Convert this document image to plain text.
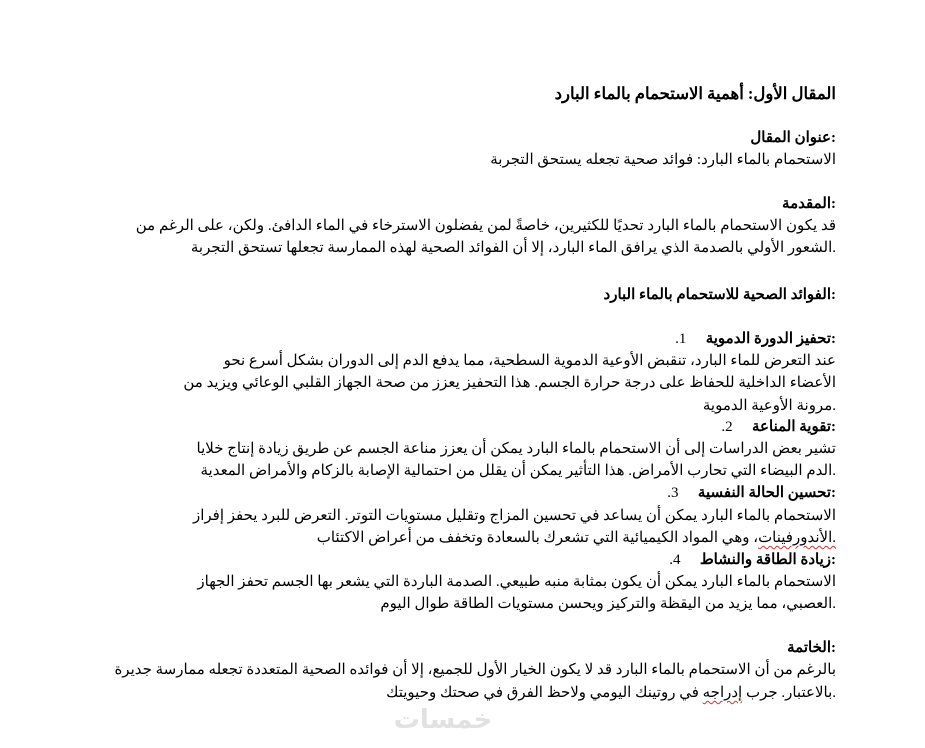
المقال الأول: أهمية الاستحمام بالماء البارد
:عنوان المقال
الاستحمام بالماء البارد: فوائد صحية تجعله يستحق التجربة
:المقدمة
قد يكون الاستحمام بالماء البارد تحديًا للكثيرين، خاصةً لمن يفضلون الاسترخاء في الماء الدافئ. ولكن، على الرغم من
.الشعور الأولي بالصدمة الذي يرافق الماء البارد، إلا أن الفوائد الصحية لهذه الممارسة تجعلها تستحق التجربة
:الفوائد الصحية للاستحمام بالماء البارد
:تحفيز الدورة الدموية1.
عند التعرض للماء البارد، تنقبض الأوعية الدموية السطحية، مما يدفع الدم إلى الدوران بشكل أسرع نحو
الأعضاء الداخلية للحفاظ على درجة حرارة الجسم. هذا التحفيز يعزز من صحة الجهاز القلبي الوعائي ويزيد من
.مرونة الأوعية الدموية
:تقوية المناعة2.
تشير بعض الدراسات إلى أن الاستحمام بالماء البارد يمكن أن يعزز مناعة الجسم عن طريق زيادة إنتاج خلايا
.الدم البيضاء التي تحارب الأمراض. هذا التأثير يمكن أن يقلل من احتمالية الإصابة بالزكام والأمراض المعدية
:تحسين الحالة النفسية3.
الاستحمام بالماء البارد يمكن أن يساعد في تحسين المزاج وتقليل مستويات التوتر. التعرض للبرد يحفز إفراز
.الأندورفينات، وهي المواد الكيميائية التي تشعرك بالسعادة وتخفف من أعراض الاكتئاب
:زيادة الطاقة والنشاط4.
الاستحمام بالماء البارد يمكن أن يكون بمثابة منبه طبيعي. الصدمة الباردة التي يشعر بها الجسم تحفز الجهاز
.العصبي، مما يزيد من اليقظة والتركيز ويحسن مستويات الطاقة طوال اليوم
:الخاتمة
بالرغم من أن الاستحمام بالماء البارد قد لا يكون الخيار الأول للجميع، إلا أن فوائده الصحية المتعددة تجعله ممارسة جديرة
.بالاعتبار. جرب إدراجه في روتينك اليومي ولاحظ الفرق في صحتك وحيويتك
خمسات
